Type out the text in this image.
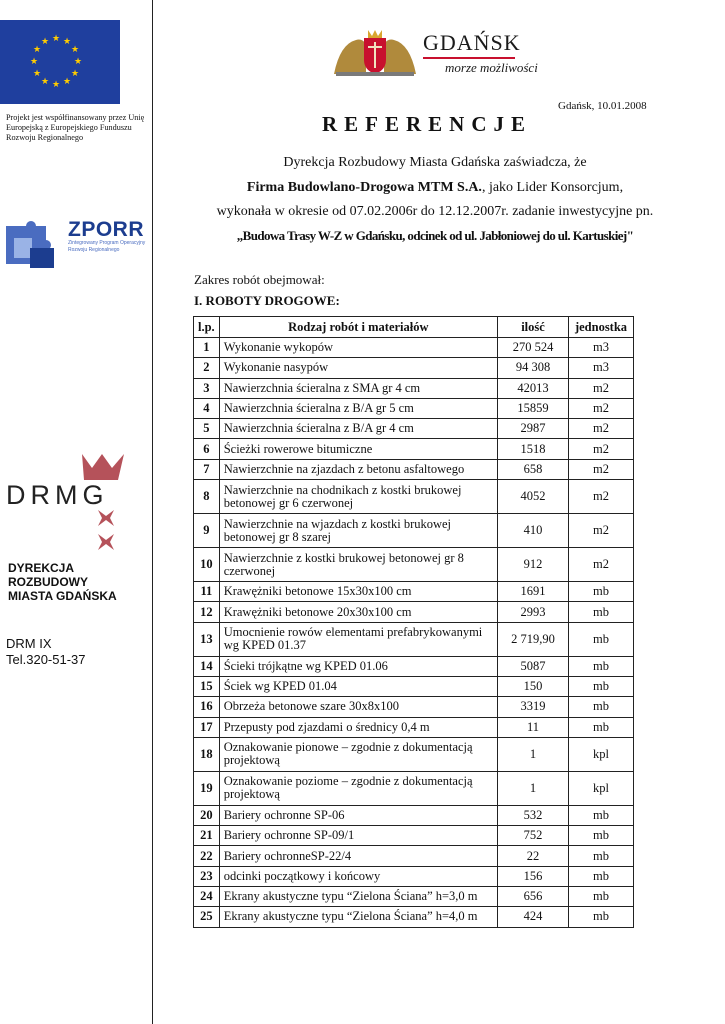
★ ★
★
★
★
★
★
★
★
★
★
★
Projekt jest współfinansowany przez Unię Europejską z Europejskiego Funduszu Rozwoju Regionalnego
ZPORR
Zintegrowany Program Operacyjny Rozwoju Regionalnego
DRMG
DYREKCJA
ROZBUDOWY
MIASTA GDAŃSKA
DRM IX
Tel.320-51-37
GDAŃSK
morze możliwości
Gdańsk, 10.01.2008
REFERENCJE
Dyrekcja Rozbudowy Miasta Gdańska zaświadcza, że
Firma Budowlano-Drogowa MTM S.A., jako Lider Konsorcjum,
wykonała w okresie od 07.02.2006r do 12.12.2007r. zadanie inwestycyjne pn.
„Budowa Trasy W-Z w Gdańsku, odcinek od ul. Jabłoniowej do ul. Kartuskiej"
Zakres robót obejmował:
I. ROBOTY DROGOWE:
l.p.	Rodzaj robót i materiałów	ilość	jednostka
1	Wykonanie wykopów	270 524	m3
2	Wykonanie nasypów	94 308	m3
3	Nawierzchnia ścieralna z SMA gr 4 cm	42013	m2
4	Nawierzchnia ścieralna z B/A gr 5 cm	15859	m2
5	Nawierzchnia ścieralna z B/A gr 4 cm	2987	m2
6	Ścieżki rowerowe bitumiczne	1518	m2
7	Nawierzchnie na zjazdach z betonu asfaltowego	658	m2
8	Nawierzchnie na chodnikach z kostki brukowej betonowej gr 6 czerwonej	4052	m2
9	Nawierzchnie na wjazdach z kostki brukowej betonowej gr 8 szarej	410	m2
10	Nawierzchnie z kostki brukowej betonowej gr 8 czerwonej	912	m2
11	Krawężniki betonowe 15x30x100 cm	1691	mb
12	Krawężniki betonowe 20x30x100 cm	2993	mb
13	Umocnienie rowów elementami prefabrykowanymi wg KPED 01.37	2 719,90	mb
14	Ścieki trójkątne wg KPED 01.06	5087	mb
15	Ściek wg KPED 01.04	150	mb
16	Obrzeża betonowe szare 30x8x100	3319	mb
17	Przepusty pod zjazdami o średnicy 0,4 m	11	mb
18	Oznakowanie pionowe – zgodnie z dokumentacją projektową	1	kpl
19	Oznakowanie poziome – zgodnie z dokumentacją projektową	1	kpl
20	Bariery ochronne SP-06	532	mb
21	Bariery ochronne SP-09/1	752	mb
22	Bariery ochronneSP-22/4	22	mb
23	odcinki początkowy i końcowy	156	mb
24	Ekrany akustyczne typu “Zielona Ściana” h=3,0 m	656	mb
25	Ekrany akustyczne typu “Zielona Ściana” h=4,0 m	424	mb
